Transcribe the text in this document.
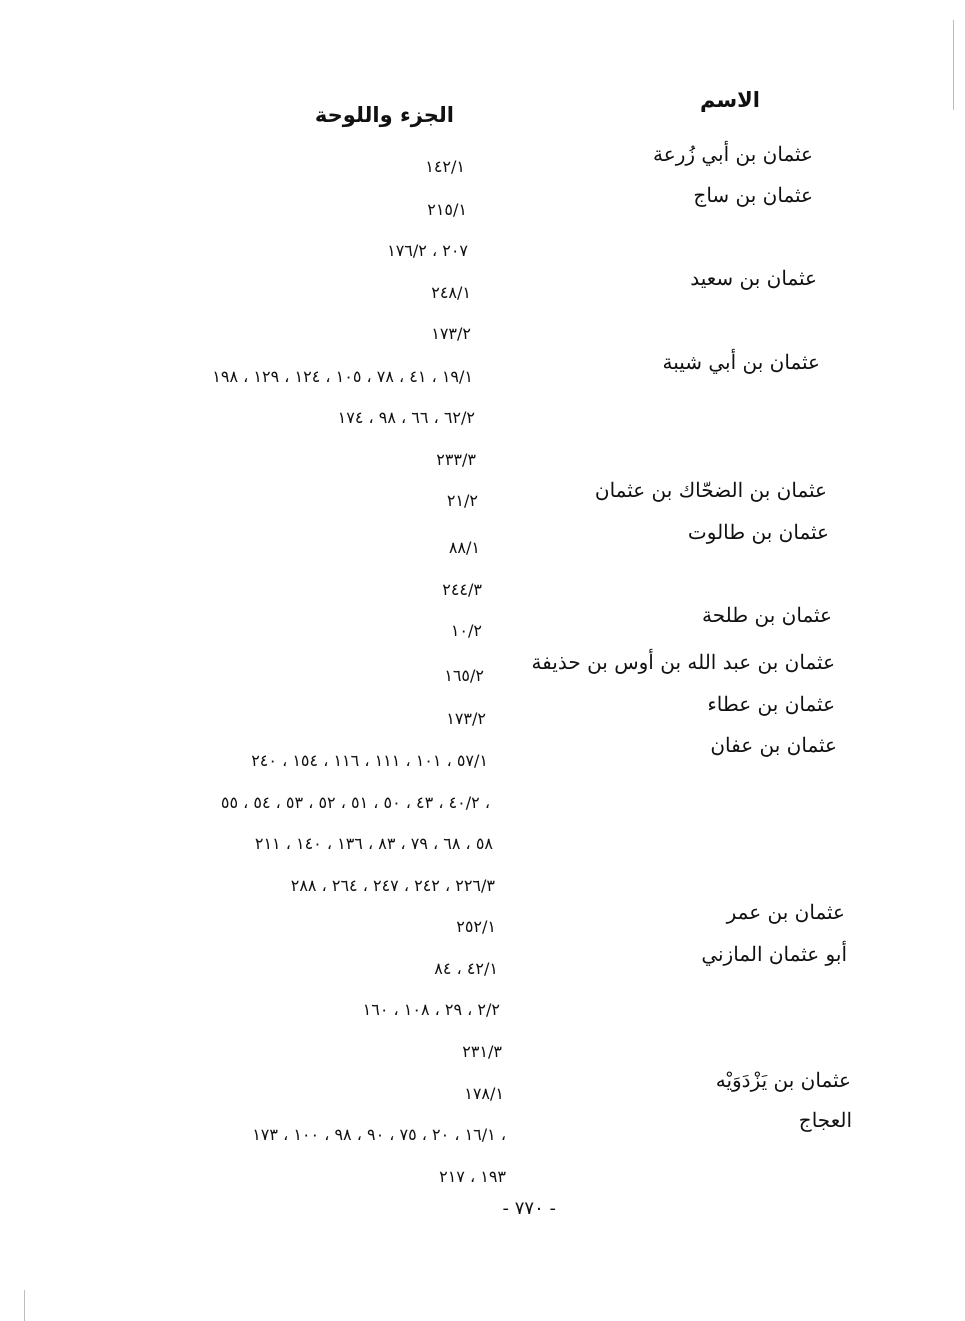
الاسم
الجزء واللوحة
عثمان بن أبي زُرعة
عثمان بن ساج
عثمان بن سعيد
عثمان بن أبي شيبة
عثمان بن الضحّاك بن عثمان
عثمان بن طالوت
عثمان بن طلحة
عثمان بن عبد الله بن أوس بن حذيفة
عثمان بن عطاء
عثمان بن عفان
عثمان بن عمر
أبو عثمان المازني
عثمان بن يَزْدَوَيْه
العجاج
١٤٢/١
٢١٥/١
٢٠٧ ، ١٧٦/٢
٢٤٨/١
١٧٣/٢
١٩/١ ، ٤١ ، ٧٨ ، ١٠٥ ، ١٢٤ ، ١٢٩ ، ١٩٨
٦٢/٢ ، ٦٦ ، ٩٨ ، ١٧٤
٢٣٣/٣
٢١/٢
٨٨/١
٢٤٤/٣
١٠/٢
١٦٥/٢
١٧٣/٢
٥٧/١ ، ١٠١ ، ١١١ ، ١١٦ ، ١٥٤ ، ٢٤٠
٤٠/٢ ، ٤٣ ، ٥٠ ، ٥١ ، ٥٢ ، ٥٣ ، ٥٤ ، ٥٥ ،
٥٨ ، ٦٨ ، ٧٩ ، ٨٣ ، ١٣٦ ، ١٤٠ ، ٢١١
٢٢٦/٣ ، ٢٤٢ ، ٢٤٧ ، ٢٦٤ ، ٢٨٨
٢٥٢/١
٤٢/١ ، ٨٤
٢/٢ ، ٢٩ ، ١٠٨ ، ١٦٠
٢٣١/٣
١٧٨/١
١٦/١ ، ٢٠ ، ٧٥ ، ٩٠ ، ٩٨ ، ١٠٠ ، ١٧٣ ،
١٩٣ ، ٢١٧
- ٧٧٠ -
